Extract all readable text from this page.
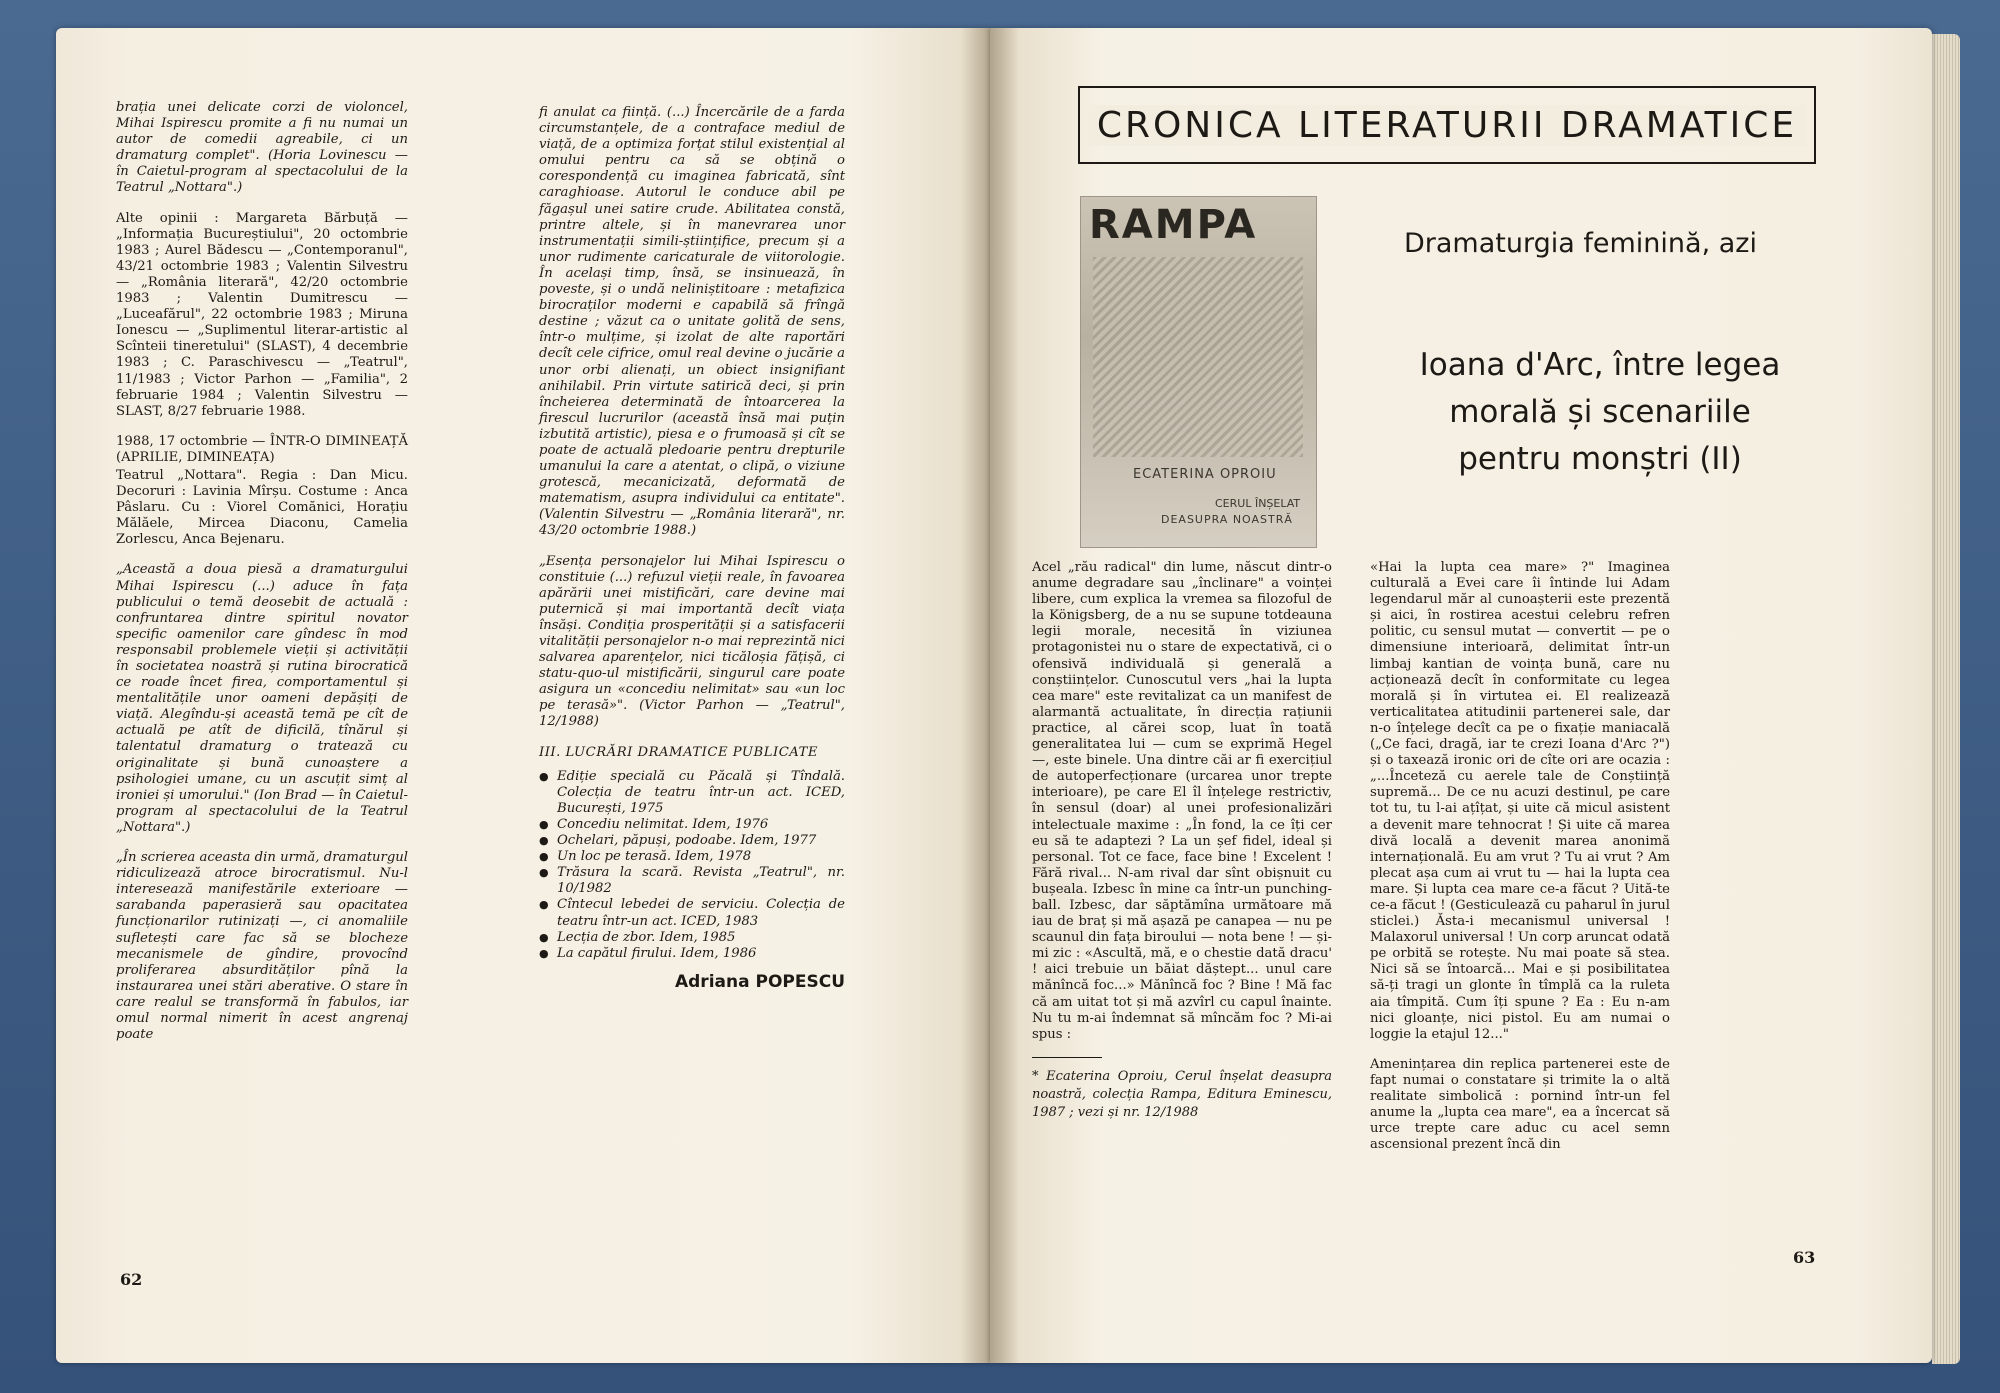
brația unei delicate corzi de violoncel, Mihai Ispirescu promite a fi nu numai un autor de comedii agreabile, ci un dramaturg complet". (Horia Lovinescu — în Caietul-program al spectacolului de la Teatrul „Nottara".)

Alte opinii : Margareta Bărbuță — „Informația Bucureștiului", 20 octombrie 1983 ; Aurel Bădescu — „Contemporanul", 43/21 octombrie 1983 ; Valentin Silvestru — „România literară", 42/20 octombrie 1983 ; Valentin Dumitrescu — „Luceafărul", 22 octombrie 1983 ; Miruna Ionescu — „Suplimentul literar-artistic al Scînteii tineretului" (SLAST), 4 decembrie 1983 ; C. Paraschivescu — „Teatrul", 11/1983 ; Victor Parhon — „Familia", 2 februarie 1984 ; Valentin Silvestru — SLAST, 8/27 februarie 1988.

1988, 17 octombrie — ÎNTR-O DIMINEAȚĂ (APRILIE, DIMINEAȚA)

Teatrul „Nottara". Regia : Dan Micu. Decoruri : Lavinia Mîrșu. Costume : Anca Pâslaru. Cu : Viorel Comănici, Horațiu Mălăele, Mircea Diaconu, Camelia Zorlescu, Anca Bejenaru.

„Această a doua piesă a dramaturgului Mihai Ispirescu (...) aduce în fața publicului o temă deosebit de actuală : confruntarea dintre spiritul novator specific oamenilor care gîndesc în mod responsabil problemele vieții și activității în societatea noastră și rutina birocratică ce roade încet firea, comportamentul și mentalitățile unor oameni depășiți de viață. Alegîndu-și această temă pe cît de actuală pe atît de dificilă, tînărul și talentatul dramaturg o tratează cu originalitate și bună cunoaștere a psihologiei umane, cu un ascuțit simț al ironiei și umorului." (Ion Brad — în Caietul-program al spectacolului de la Teatrul „Nottara".)

„În scrierea aceasta din urmă, dramaturgul ridiculizează atroce birocratismul. Nu-l interesează manifestările exterioare — sarabanda paperasieră sau opacitatea funcționarilor rutinizați —, ci anomaliile sufletești care fac să se blocheze mecanismele de gîndire, provocînd proliferarea absurdităților pînă la instaurarea unei stări aberative. O stare în care realul se transformă în fabulos, iar omul normal nimerit în acest angrenaj poate

fi anulat ca ființă. (...) Încercările de a farda circumstanțele, de a contraface mediul de viață, de a optimiza forțat stilul existențial al omului pentru ca să se obțină o corespondență cu imaginea fabricată, sînt caraghioase. Autorul le conduce abil pe făgașul unei satire crude. Abilitatea constă, printre altele, și în manevrarea unor instrumentații simili-științifice, precum și a unor rudimente caricaturale de viitorologie. În același timp, însă, se insinuează, în poveste, și o undă neliniștitoare : metafizica birocraților moderni e capabilă să frîngă destine ; văzut ca o unitate golită de sens, într-o mulțime, și izolat de alte raportări decît cele cifrice, omul real devine o jucărie a unor orbi alienați, un obiect insignifiant anihilabil. Prin virtute satirică deci, și prin încheierea determinată de întoarcerea la firescul lucrurilor (această însă mai puțin izbutită artistic), piesa e o frumoasă și cît se poate de actuală pledoarie pentru drepturile umanului la care a atentat, o clipă, o viziune grotescă, mecanicizată, deformată de matematism, asupra individului ca entitate". (Valentin Silvestru — „România literară", nr. 43/20 octombrie 1988.)

„Esența personajelor lui Mihai Ispirescu o constituie (...) refuzul vieții reale, în favoarea apărării unei mistificări, care devine mai puternică și mai importantă decît viața însăși. Condiția prosperității și a satisfacerii vitalității personajelor n-o mai reprezintă nici salvarea aparențelor, nici ticăloșia fățișă, ci statu-quo-ul mistificării, singurul care poate asigura un «concediu nelimitat» sau «un loc pe terasă»". (Victor Parhon — „Teatrul", 12/1988)

III. LUCRĂRI DRAMATICE PUBLICATE
● Ediție specială cu Păcală și Tîndală. Colecția de teatru într-un act. ICED, București, 1975
● Concediu nelimitat. Idem, 1976
● Ochelari, păpuși, podoabe. Idem, 1977
● Un loc pe terasă. Idem, 1978
● Trăsura la scară. Revista „Teatrul", nr. 10/1982
● Cîntecul lebedei de serviciu. Colecția de teatru într-un act. ICED, 1983
● Lecția de zbor. Idem, 1985
● La capătul firului. Idem, 1986
Adriana POPESCU
62
CRONICA LITERATURII DRAMATICE
RAMPA
ECATERINA OPROIU
CERUL ÎNȘELAT
DEASUPRA NOASTRĂ
Dramaturgia feminină, azi
Ioana d'Arc, între legea
morală și scenariile
pentru monștri (II)

Acel „rău radical" din lume, născut dintr-o anume degradare sau „înclinare" a voinței libere, cum explica la vremea sa filozoful de la Königsberg, de a nu se supune totdeauna legii morale, necesită în viziunea protagonistei nu o stare de expectativă, ci o ofensivă individuală și generală a conștiințelor. Cunoscutul vers „hai la lupta cea mare" este revitalizat ca un manifest de alarmantă actualitate, în direcția rațiunii practice, al cărei scop, luat în toată generalitatea lui — cum se exprimă Hegel —, este binele. Una dintre căi ar fi exercițiul de autoperfecționare (urcarea unor trepte interioare), pe care El îl înțelege restrictiv, în sensul (doar) al unei profesionalizări intelectuale maxime : „În fond, la ce îți cer eu să te adaptezi ? La un șef fidel, ideal și personal. Tot ce face, face bine ! Excelent ! Fără rival... N-am rival dar sînt obișnuit cu bușeala. Izbesc în mine ca într-un punching-ball. Izbesc, dar săptămîna următoare mă iau de braț și mă așază pe canapea — nu pe scaunul din fața biroului — nota bene ! — și-mi zic : «Ascultă, mă, e o chestie dată dracu' ! aici trebuie un băiat dăștept... unul care mănîncă foc...» Mănîncă foc ? Bine ! Mă fac că am uitat tot și mă azvîrl cu capul înainte. Nu tu m-ai îndemnat să mîncăm foc ? Mi-ai spus :

* Ecaterina Oproiu, Cerul înșelat deasupra noastră, colecția Rampa, Editura Eminescu, 1987 ; vezi și nr. 12/1988

«Hai la lupta cea mare» ?" Imaginea culturală a Evei care îi întinde lui Adam legendarul măr al cunoașterii este prezentă și aici, în rostirea acestui celebru refren politic, cu sensul mutat — convertit — pe o dimensiune interioară, delimitat într-un limbaj kantian de voința bună, care nu acționează decît în conformitate cu legea morală și în virtutea ei. El realizează verticalitatea atitudinii partenerei sale, dar n-o înțelege decît ca pe o fixație maniacală („Ce faci, dragă, iar te crezi Ioana d'Arc ?") și o taxează ironic ori de cîte ori are ocazia : „...Înceteză cu aerele tale de Conștiință supremă... De ce nu acuzi destinul, pe care tot tu, tu l-ai ațîțat, și uite că micul asistent a devenit mare tehnocrat ! Și uite că marea divă locală a devenit marea anonimă internațională. Eu am vrut ? Tu ai vrut ? Am plecat așa cum ai vrut tu — hai la lupta cea mare. Și lupta cea mare ce-a făcut ? Uită-te ce-a făcut ! (Gesticulează cu paharul în jurul sticlei.) Ăsta-i mecanismul universal ! Malaxorul universal ! Un corp aruncat odată pe orbită se rotește. Nu mai poate să stea. Nici să se întoarcă... Mai e și posibilitatea să-ți tragi un glonte în tîmplă ca la ruleta aia tîmpită. Cum îți spune ? Ea : Eu n-am nici gloanțe, nici pistol. Eu am numai o loggie la etajul 12..."

Amenințarea din replica partenerei este de fapt numai o constatare și trimite la o altă realitate simbolică : pornind într-un fel anume la „lupta cea mare", ea a încercat să urce trepte care aduc cu acel semn ascensional prezent încă din

63
